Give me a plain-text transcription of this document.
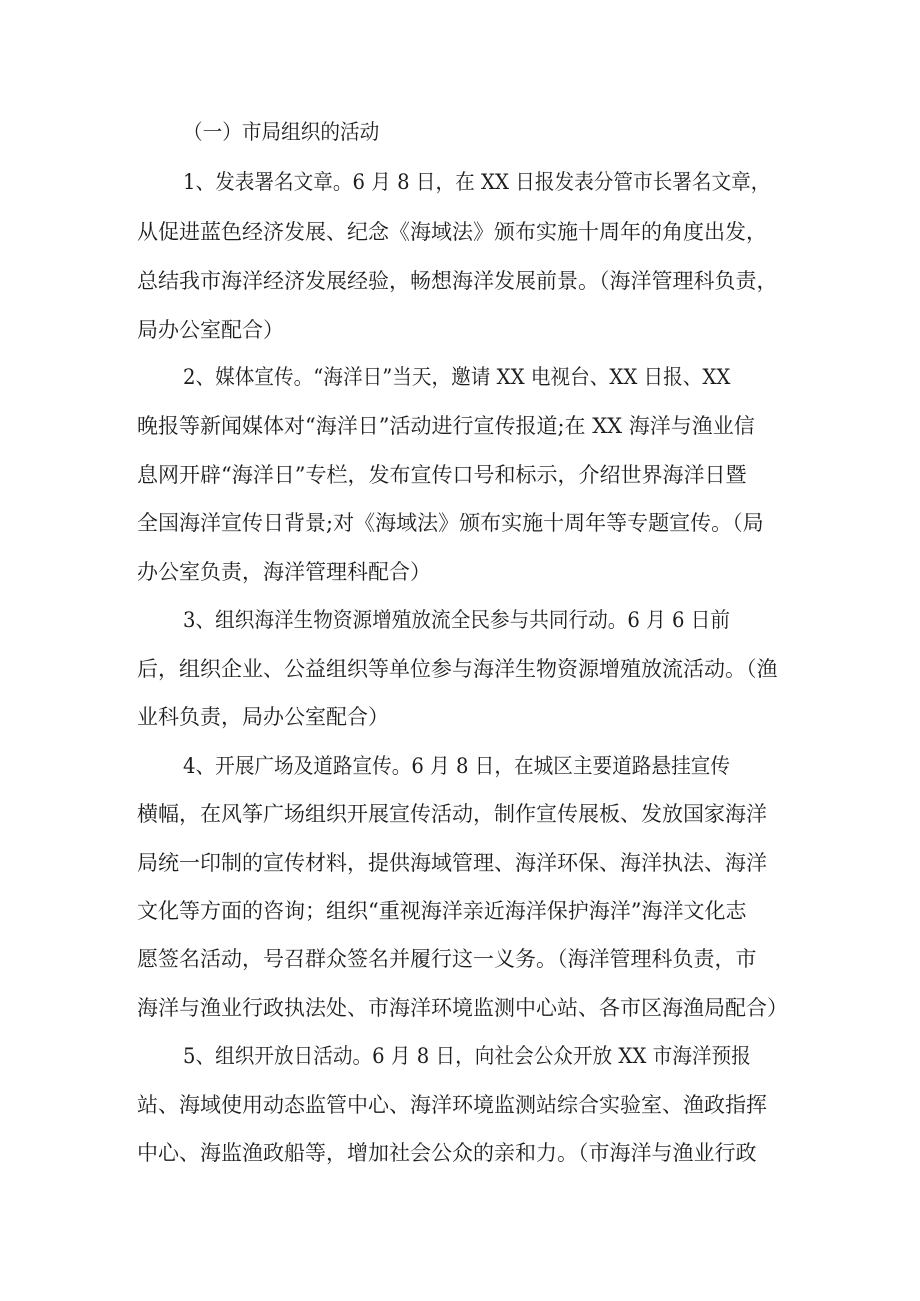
（一）市局组织的活动
1、发表署名文章。6 月 8 日，在 XX 日报发表分管市长署名文章，
从促进蓝色经济发展、纪念《海域法》颁布实施十周年的角度出发，
总结我市海洋经济发展经验，畅想海洋发展前景。（海洋管理科负责，
局办公室配合）
2、媒体宣传。“海洋日”当天，邀请 XX 电视台、XX 日报、XX
晚报等新闻媒体对“海洋日”活动进行宣传报道;在 XX 海洋与渔业信
息网开辟“海洋日”专栏，发布宣传口号和标示，介绍世界海洋日暨
全国海洋宣传日背景;对《海域法》颁布实施十周年等专题宣传。（局
办公室负责，海洋管理科配合）
3、组织海洋生物资源增殖放流全民参与共同行动。6 月 6 日前
后，组织企业、公益组织等单位参与海洋生物资源增殖放流活动。（渔
业科负责，局办公室配合）
4、开展广场及道路宣传。6 月 8 日，在城区主要道路悬挂宣传
横幅，在风筝广场组织开展宣传活动，制作宣传展板、发放国家海洋
局统一印制的宣传材料，提供海域管理、海洋环保、海洋执法、海洋
文化等方面的咨询；组织“重视海洋亲近海洋保护海洋”海洋文化志
愿签名活动，号召群众签名并履行这一义务。（海洋管理科负责，市
海洋与渔业行政执法处、市海洋环境监测中心站、各市区海渔局配合）
5、组织开放日活动。6 月 8 日，向社会公众开放 XX 市海洋预报
站、海域使用动态监管中心、海洋环境监测站综合实验室、渔政指挥
中心、海监渔政船等，增加社会公众的亲和力。（市海洋与渔业行政
